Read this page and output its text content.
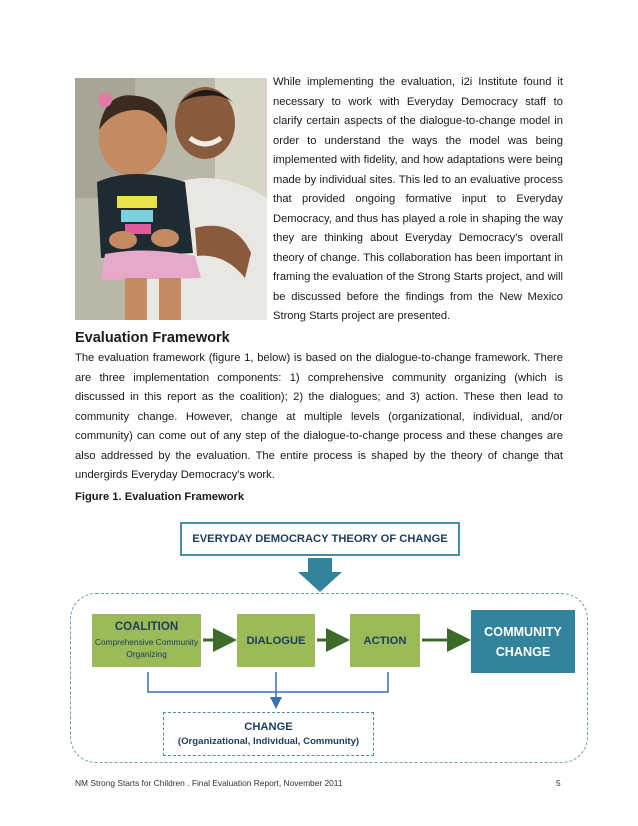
While implementing the evaluation, i2i Institute found it necessary to work with Everyday Democracy staff to clarify certain aspects of the dialogue-to-change model in order to understand the ways the model was being implemented with fidelity, and how adaptations were being made by individual sites. This led to an evaluative process that provided ongoing formative input to Everyday Democracy, and thus has played a role in shaping the way they are thinking about Everyday Democracy's overall theory of change. This collaboration has been important in framing the evaluation of the Strong Starts project, and will be discussed before the findings from the New Mexico Strong Starts project are presented.

Evaluation Framework

The evaluation framework (figure 1, below) is based on the dialogue-to-change framework. There are three implementation components: 1) comprehensive community organizing (which is discussed in this report as the coalition); 2) the dialogues; and 3) action. These then lead to community change. However, change at multiple levels (organizational, individual, and/or community) can come out of any step of the dialogue-to-change process and these changes are also addressed by the evaluation. The entire process is shaped by the theory of change that undergirds Everyday Democracy's work.

Figure 1. Evaluation Framework

EVERYDAY DEMOCRACY THEORY OF CHANGE
COALITION
Comprehensive Community Organizing
DIALOGUE	ACTION
COMMUNITY
CHANGE
CHANGE
(Organizational, Individual, Community)
NM Strong Starts for Children . Final Evaluation Report, November 2011	5
